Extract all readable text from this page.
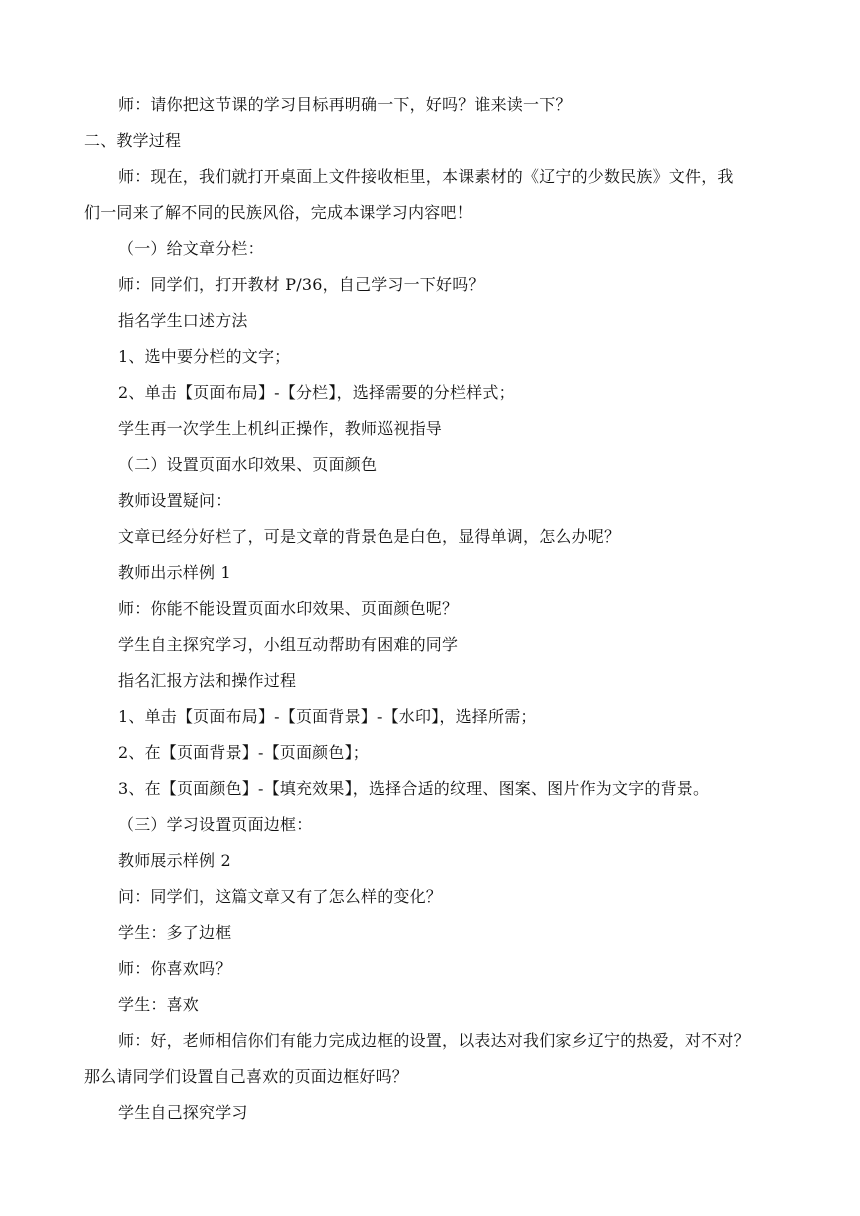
师：请你把这节课的学习目标再明确一下，好吗？谁来读一下？
二、教学过程
师：现在，我们就打开桌面上文件接收柜里，本课素材的《辽宁的少数民族》文件，我
们一同来了解不同的民族风俗，完成本课学习内容吧！
（一）给文章分栏：
师：同学们，打开教材 P/36，自己学习一下好吗？
指名学生口述方法
1、选中要分栏的文字；
2、单击【页面布局】-【分栏】，选择需要的分栏样式；
学生再一次学生上机纠正操作，教师巡视指导
（二）设置页面水印效果、页面颜色
教师设置疑问：
文章已经分好栏了，可是文章的背景色是白色，显得单调，怎么办呢？
教师出示样例 1
师：你能不能设置页面水印效果、页面颜色呢？
学生自主探究学习，小组互动帮助有困难的同学
指名汇报方法和操作过程
1、单击【页面布局】-【页面背景】-【水印】，选择所需；
2、在【页面背景】-【页面颜色】；
3、在【页面颜色】-【填充效果】，选择合适的纹理、图案、图片作为文字的背景。
（三）学习设置页面边框：
教师展示样例 2
问：同学们，这篇文章又有了怎么样的变化？
学生：多了边框
师：你喜欢吗？
学生：喜欢
师：好，老师相信你们有能力完成边框的设置，以表达对我们家乡辽宁的热爱，对不对？
那么请同学们设置自己喜欢的页面边框好吗？
学生自己探究学习
